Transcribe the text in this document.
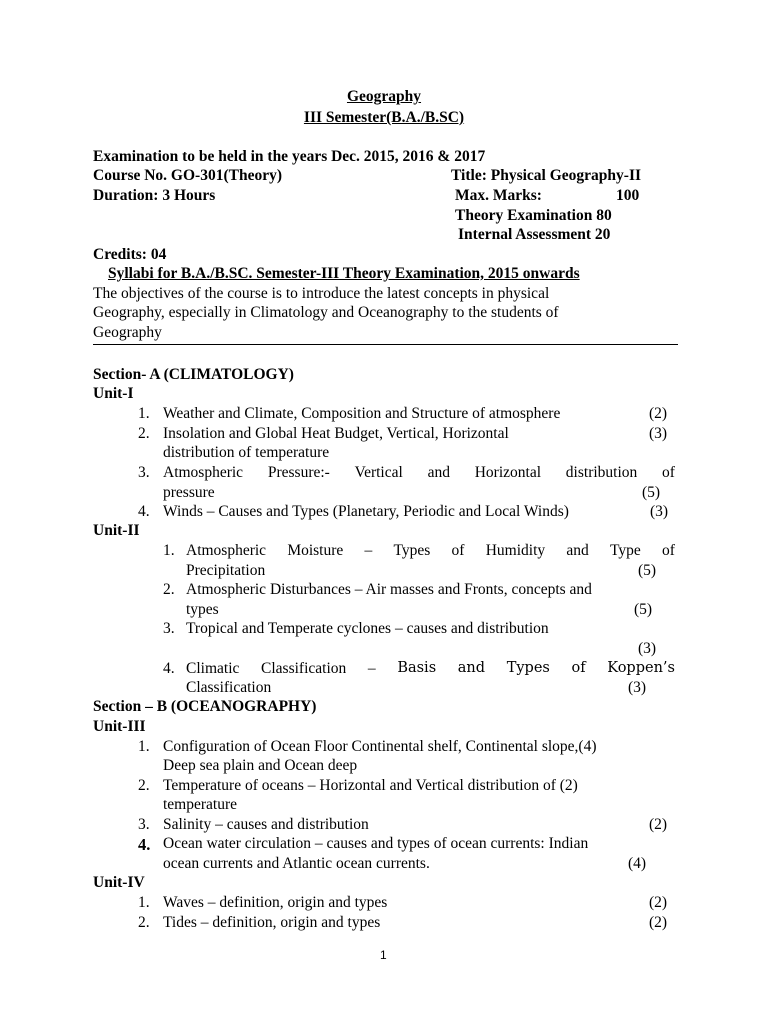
Geography
III Semester(B.A./B.SC)
Examination to be held in the years Dec. 2015, 2016 & 2017
Course No. GO-301(Theory)	Title: Physical Geography-II
Duration: 3 Hours	Max. Marks:	100
Theory Examination 80
Internal Assessment 20
Credits: 04
Syllabi for B.A./B.SC. Semester-III Theory Examination, 2015 onwards
The objectives of the course is to introduce the latest concepts in physical
Geography, especially in Climatology and Oceanography to the students of
Geography
Section- A (CLIMATOLOGY)
Unit-I
1. Weather and Climate, Composition and Structure of atmosphere	(2)
2. Insolation and Global Heat Budget, Vertical, Horizontal	(3)
distribution of temperature
3. Atmospheric Pressure:- Vertical and Horizontal distribution of
pressure	(5)
4. Winds – Causes and Types (Planetary, Periodic and Local Winds)	(3)
Unit-II
1. Atmospheric Moisture – Types of Humidity and Type of
Precipitation	(5)
2. Atmospheric Disturbances – Air masses and Fronts, concepts and
types	(5)
3. Tropical and Temperate cyclones – causes and distribution
(3)
4. Climatic Classification – Basis and Types of Koppen’s
Classification	(3)
Section – B (OCEANOGRAPHY)
Unit-III
1. Configuration of Ocean Floor Continental shelf, Continental slope,(4)
Deep sea plain and Ocean deep
2. Temperature of oceans – Horizontal and Vertical distribution of (2)
temperature
3. Salinity – causes and distribution	(2)
4. Ocean water circulation – causes and types of ocean currents: Indian
ocean currents and Atlantic ocean currents.	(4)
Unit-IV
1. Waves – definition, origin and types	(2)
2. Tides – definition, origin and types	(2)
1
